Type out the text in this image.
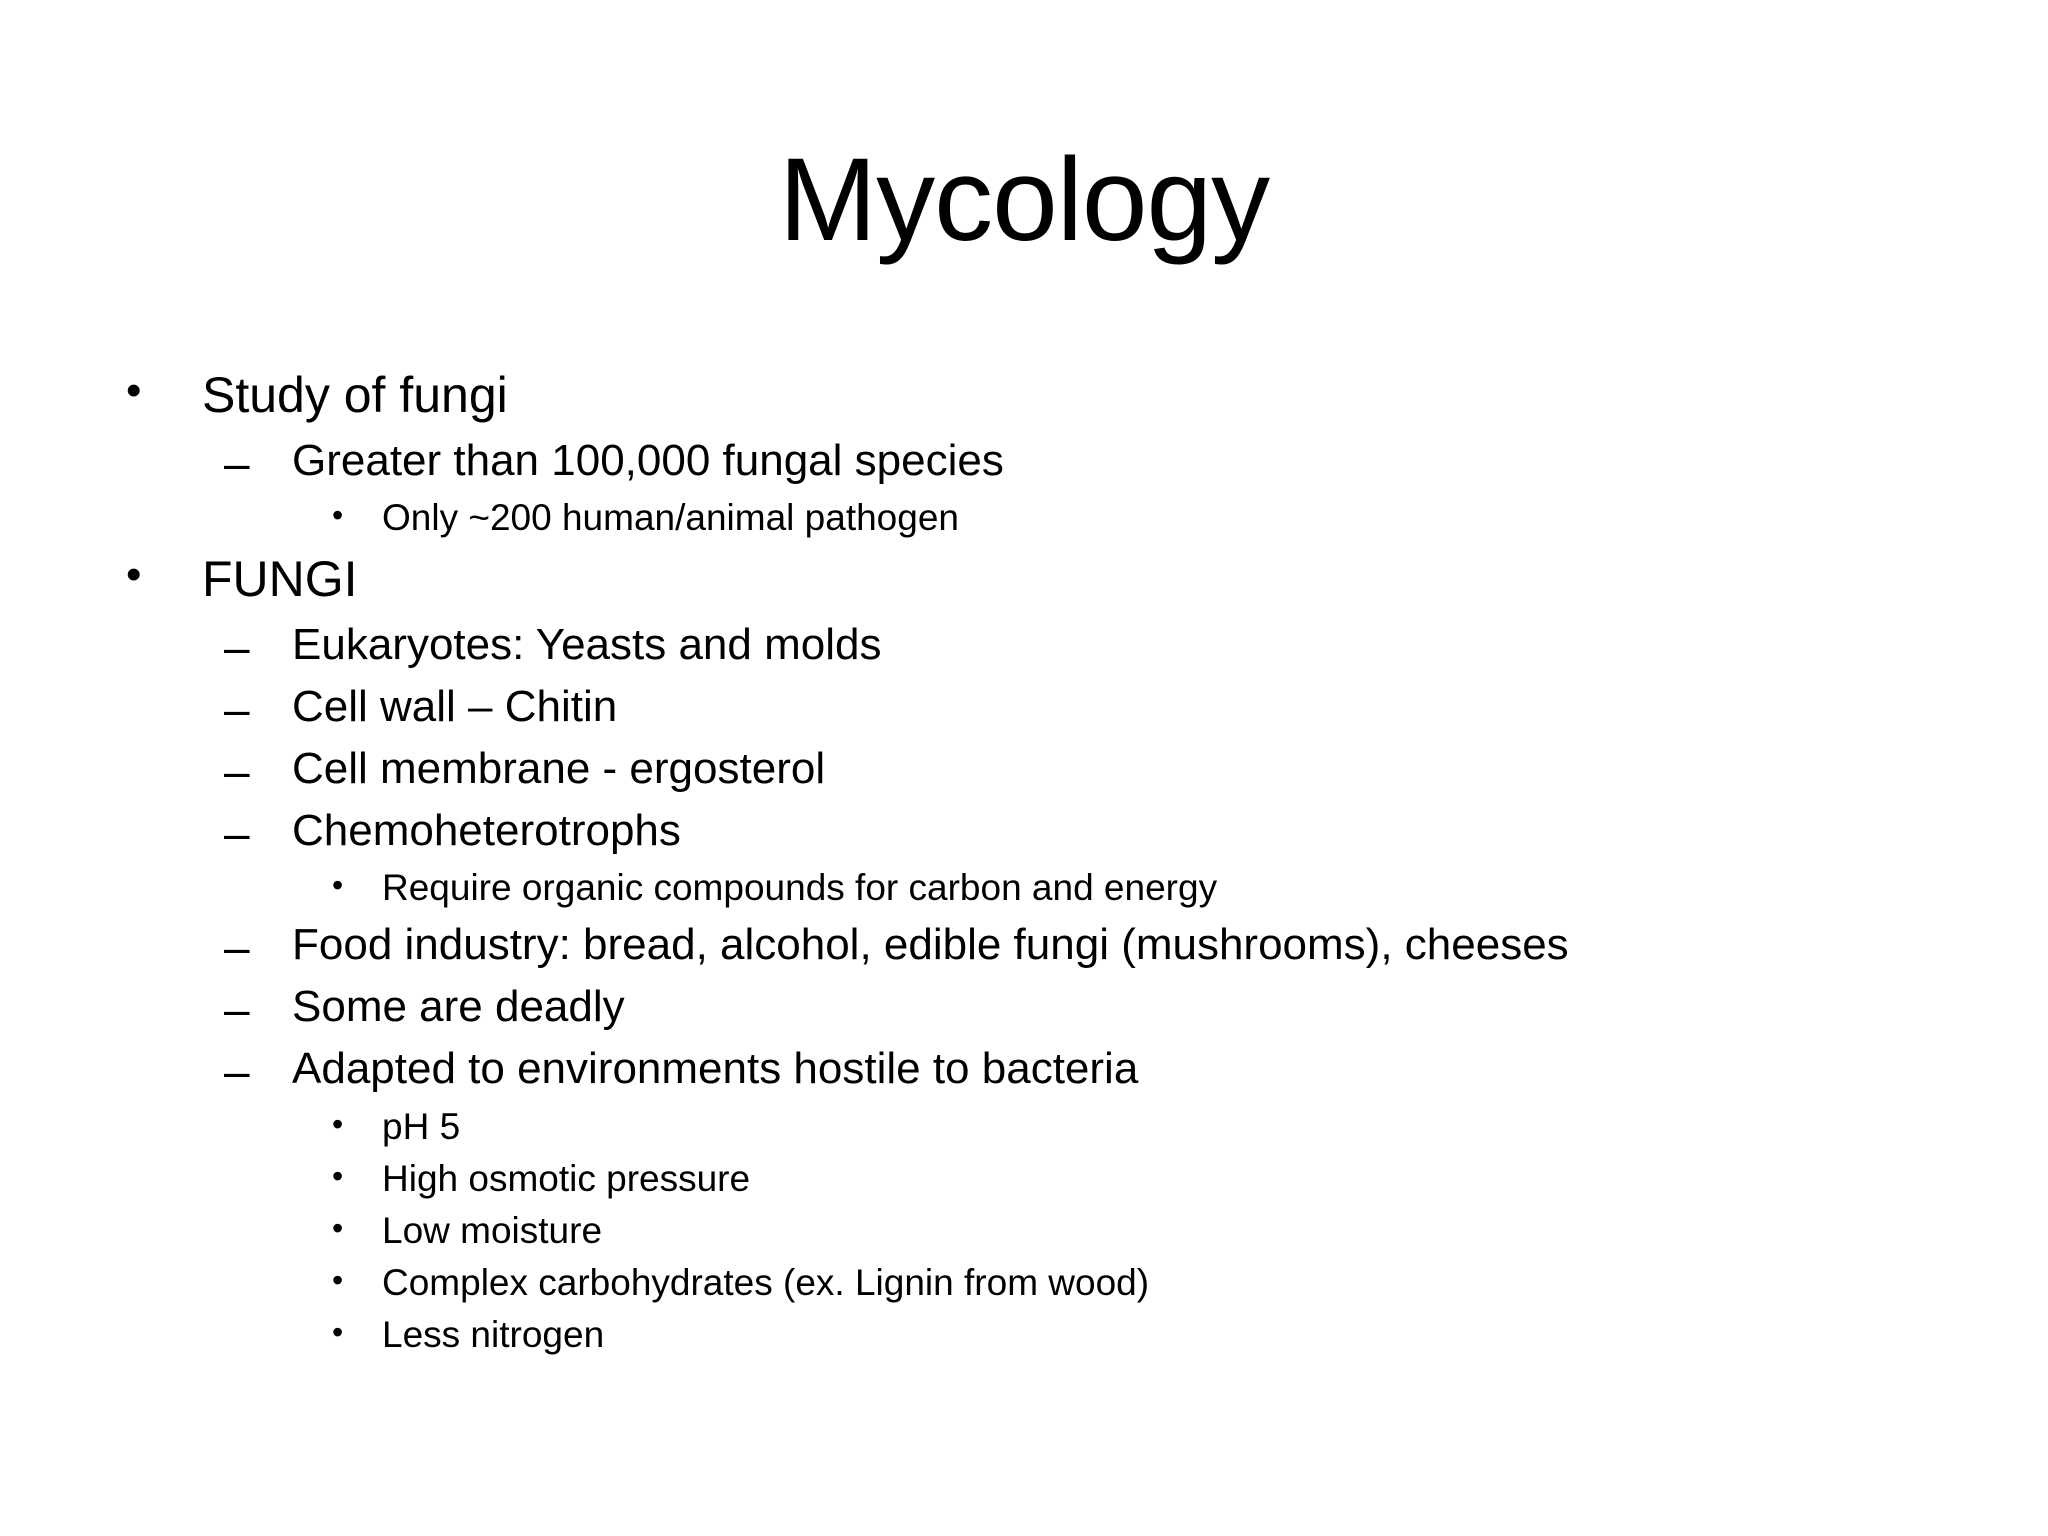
Mycology
• Study of fungi
– Greater than 100,000 fungal species
• Only ~200 human/animal pathogen
• FUNGI
– Eukaryotes: Yeasts and molds
– Cell wall – Chitin
– Cell membrane - ergosterol
– Chemoheterotrophs
• Require organic compounds for carbon and energy
– Food industry: bread, alcohol, edible fungi (mushrooms), cheeses
– Some are deadly
– Adapted to environments hostile to bacteria
• pH 5
• High osmotic pressure
• Low moisture
• Complex carbohydrates (ex. Lignin from wood)
• Less nitrogen
